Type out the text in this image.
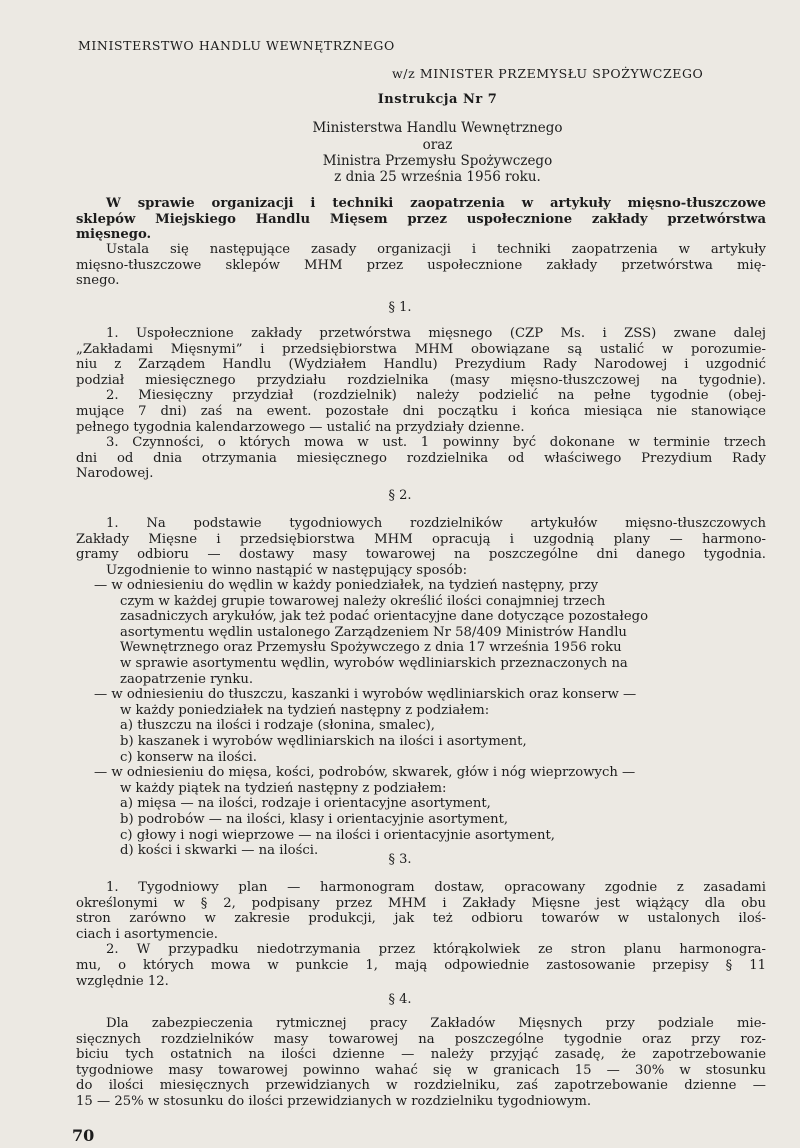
MINISTERSTWO HANDLU WEWNĘTRZNEGO
w/z MINISTER PRZEMYSŁU SPOŻYWCZEGO
Instrukcja Nr 7
Ministerstwa Handlu Wewnętrznego
oraz
Ministra Przemysłu Spożywczego
z dnia 25 września 1956 roku.
W sprawie organizacji i techniki zaopatrzenia w artykuły mięsno-tłuszczowe
sklepów Miejskiego Handlu Mięsem przez uspołecznione zakłady przetwórstwa
mięsnego.
Ustala się następujące zasady organizacji i techniki zaopatrzenia w artykuły
mięsno-tłuszczowe sklepów MHM przez uspołecznione zakłady przetwórstwa mię-
snego.
§ 1.
1. Uspołecznione zakłady przetwórstwa mięsnego (CZP Ms. i ZSS) zwane dalej
„Zakładami Mięsnymi” i przedsiębiorstwa MHM obowiązane są ustalić w porozumie-
niu z Zarządem Handlu (Wydziałem Handlu) Prezydium Rady Narodowej i uzgodnić
podział miesięcznego przydziału rozdzielnika (masy mięsno-tłuszczowej na tygodnie).
2. Miesięczny przydział (rozdzielnik) należy podzielić na pełne tygodnie (obej-
mujące 7 dni) zaś na ewent. pozostałe dni początku i końca miesiąca nie stanowiące
pełnego tygodnia kalendarzowego — ustalić na przydziały dzienne.
3. Czynności, o których mowa w ust. 1 powinny być dokonane w terminie trzech
dni od dnia otrzymania miesięcznego rozdzielnika od właściwego Prezydium Rady
Narodowej.
§ 2.
1. Na podstawie tygodniowych rozdzielników artykułów mięsno-tłuszczowych
Zakłady Mięsne i przedsiębiorstwa MHM opracują i uzgodnią plany — harmono-
gramy odbioru — dostawy masy towarowej na poszczególne dni danego tygodnia.
Uzgodnienie to winno nastąpić w następujący sposób:
— w odniesieniu do wędlin w każdy poniedziałek, na tydzień następny, przy
czym w każdej grupie towarowej należy określić ilości conajmniej trzech
zasadniczych arykułów, jak też podać orientacyjne dane dotyczące pozostałego
asortymentu wędlin ustalonego Zarządzeniem Nr 58/409 Ministrów Handlu
Wewnętrznego oraz Przemysłu Spożywczego z dnia 17 września 1956 roku
w sprawie asortymentu wędlin, wyrobów wędliniarskich przeznaczonych na
zaopatrzenie rynku.
— w odniesieniu do tłuszczu, kaszanki i wyrobów wędliniarskich oraz konserw —
w każdy poniedziałek na tydzień następny z podziałem:
a) tłuszczu na ilości i rodzaje (słonina, smalec),
b) kaszanek i wyrobów wędliniarskich na ilości i asortyment,
c) konserw na ilości.
— w odniesieniu do mięsa, kości, podrobów, skwarek, głów i nóg wieprzowych —
w każdy piątek na tydzień następny z podziałem:
a) mięsa — na ilości, rodzaje i orientacyjne asortyment,
b) podrobów — na ilości, klasy i orientacyjnie asortyment,
c) głowy i nogi wieprzowe — na ilości i orientacyjnie asortyment,
d) kości i skwarki — na ilości.
§ 3.
1. Tygodniowy plan — harmonogram dostaw, opracowany zgodnie z zasadami
określonymi w § 2, podpisany przez MHM i Zakłady Mięsne jest wiążący dla obu
stron zarówno w zakresie produkcji, jak też odbioru towarów w ustalonych iloś-
ciach i asortymencie.
2. W przypadku niedotrzymania przez którąkolwiek ze stron planu harmonogra-
mu, o których mowa w punkcie 1, mają odpowiednie zastosowanie przepisy § 11
względnie 12.
§ 4.
Dla zabezpieczenia rytmicznej pracy Zakładów Mięsnych przy podziale mie-
sięcznych rozdzielników masy towarowej na poszczególne tygodnie oraz przy roz-
biciu tych ostatnich na ilości dzienne — należy przyjąć zasadę, że zapotrzebowanie
tygodniowe masy towarowej powinno wahać się w granicach 15 — 30% w stosunku
do ilości miesięcznych przewidzianych w rozdzielniku, zaś zapotrzebowanie dzienne —
15 — 25% w stosunku do ilości przewidzianych w rozdzielniku tygodniowym.
70
